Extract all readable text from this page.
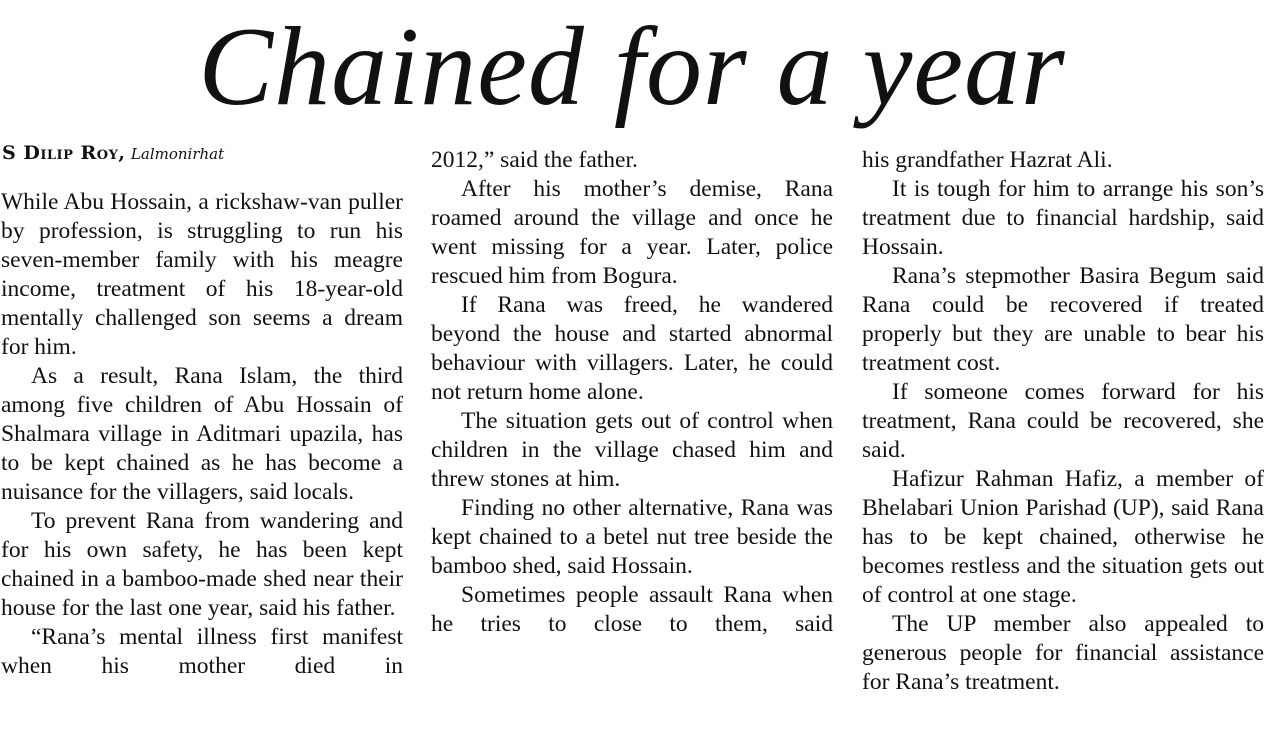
Chained for a year
S Dilip Roy, Lalmonirhat

While Abu Hossain, a rickshaw-van puller by profession, is struggling to run his seven-member family with his meagre income, treatment of his 18-year-old mentally challenged son seems a dream for him.

As a result, Rana Islam, the third among five children of Abu Hossain of Shalmara village in Aditmari upazila, has to be kept chained as he has become a nuisance for the villagers, said locals.

To prevent Rana from wandering and for his own safety, he has been kept chained in a bamboo-made shed near their house for the last one year, said his father.

“Rana’s mental illness first manifest when his mother died in

2012,” said the father.

After his mother’s demise, Rana roamed around the village and once he went missing for a year. Later, police rescued him from Bogura.

If Rana was freed, he wandered beyond the house and started abnormal behaviour with villagers. Later, he could not return home alone.

The situation gets out of control when children in the village chased him and threw stones at him.

Finding no other alternative, Rana was kept chained to a betel nut tree beside the bamboo shed, said Hossain.

Sometimes people assault Rana when he tries to close to them, said

his grandfather Hazrat Ali.

It is tough for him to arrange his son’s treatment due to financial hardship, said Hossain.

Rana’s stepmother Basira Begum said Rana could be recovered if treated properly but they are unable to bear his treatment cost.

If someone comes forward for his treatment, Rana could be recovered, she said.

Hafizur Rahman Hafiz, a member of Bhelabari Union Parishad (UP), said Rana has to be kept chained, otherwise he becomes restless and the situation gets out of control at one stage.

The UP member also appealed to generous people for financial assistance for Rana’s treatment.
